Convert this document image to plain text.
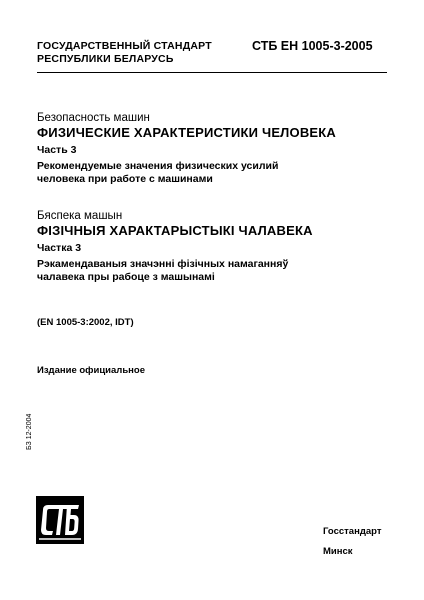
ГОСУДАРСТВЕННЫЙ СТАНДАРТ
РЕСПУБЛИКИ БЕЛАРУСЬ
СТБ ЕН 1005-3-2005
Безопасность машин
ФИЗИЧЕСКИЕ ХАРАКТЕРИСТИКИ ЧЕЛОВЕКА
Часть 3
Рекомендуемые значения физических усилий
человека при работе с машинами
Бяспека машын
ФІЗІЧНЫЯ ХАРАКТАРЫСТЫКІ ЧАЛАВЕКА
Частка 3
Рэкамендаваныя значэнні фізічных намаганняў
чалавека пры рабоце з машынамі
(EN 1005-3:2002, IDT)
Издание официальное
БЗ 12-2004
Госстандарт
Минск
